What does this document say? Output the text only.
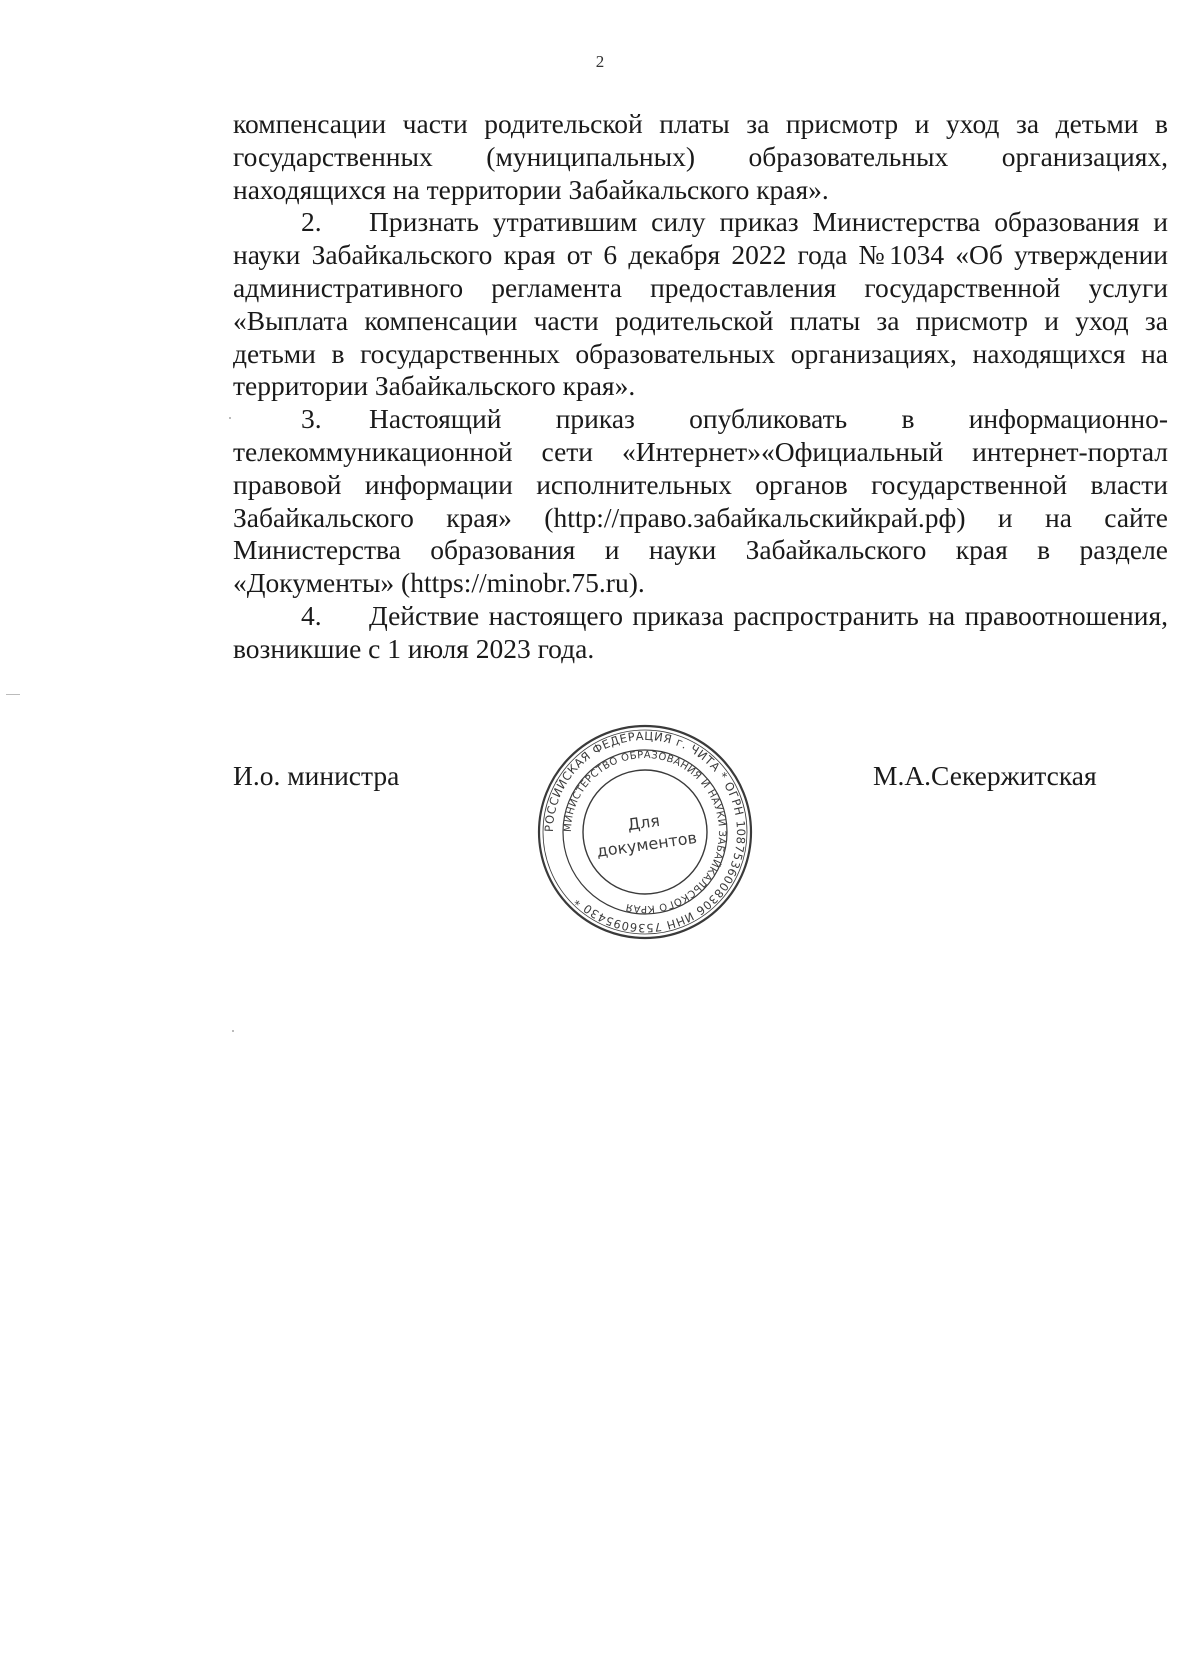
2

компенсации части родительской платы за присмотр и уход за детьми в государственных (муниципальных) образовательных организациях, находящихся на территории Забайкальского края».

2. Признать утратившим силу приказ Министерства образования и науки Забайкальского края от 6 декабря 2022 года №1034 «Об утверждении административного регламента предоставления государственной услуги «Выплата компенсации части родительской платы за присмотр и уход за детьми в государственных образовательных организациях, находящихся на территории Забайкальского края».

3. Настоящий приказ опубликовать в информационно-телекоммуникационной сети «Интернет»«Официальный интернет-портал правовой информации исполнительных органов государственной власти Забайкальского края» (http://право.забайкальскийкрай.рф) и на сайте Министерства образования и науки Забайкальского края в разделе «Документы» (https://minobr.75.ru).

4. Действие настоящего приказа распространить на правоотношения, возникшие с 1 июля 2023 года.

И.о. министра
РОССИЙСКАЯ ФЕДЕРАЦИЯ г. ЧИТА * ОГРН 1087536008306 ИНН 7536095430 *
МИНИСТЕРСТВО ОБРАЗОВАНИЯ И НАУКИ ЗАБАЙКАЛЬСКОГО КРАЯ
Для
документов
М.А.Секержитская
